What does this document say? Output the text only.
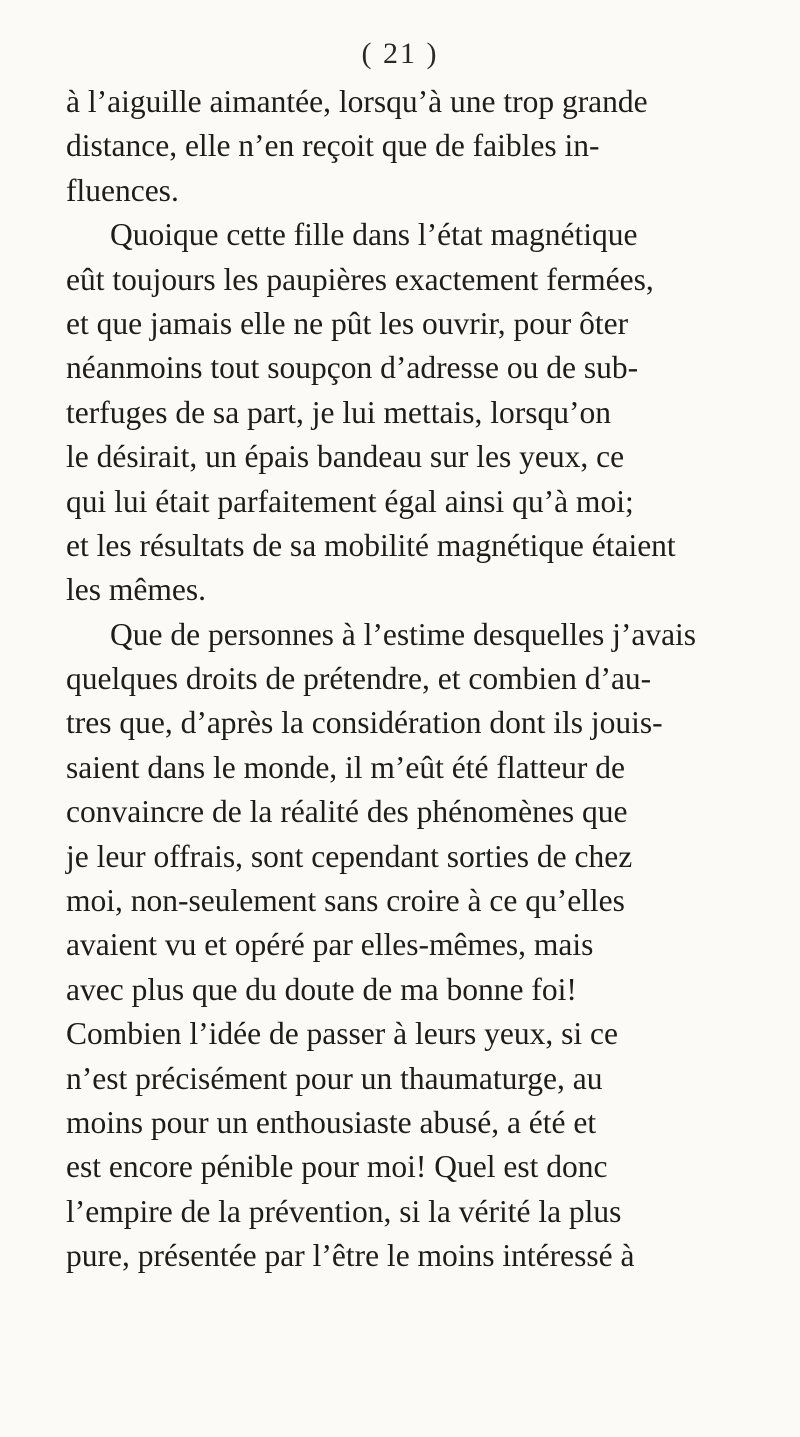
( 21 )
à l’aiguille aimantée, lorsqu’à une trop grande
distance, elle n’en reçoit que de faibles in-
fluences.
Quoique cette fille dans l’état magnétique
eût toujours les paupières exactement fermées,
et que jamais elle ne pût les ouvrir, pour ôter
néanmoins tout soupçon d’adresse ou de sub-
terfuges de sa part, je lui mettais, lorsqu’on
le désirait, un épais bandeau sur les yeux, ce
qui lui était parfaitement égal ainsi qu’à moi;
et les résultats de sa mobilité magnétique étaient
les mêmes.
Que de personnes à l’estime desquelles j’avais
quelques droits de prétendre, et combien d’au-
tres que, d’après la considération dont ils jouis-
saient dans le monde, il m’eût été flatteur de
convaincre de la réalité des phénomènes que
je leur offrais, sont cependant sorties de chez
moi, non-seulement sans croire à ce qu’elles
avaient vu et opéré par elles-mêmes, mais
avec plus que du doute de ma bonne foi!
Combien l’idée de passer à leurs yeux, si ce
n’est précisément pour un thaumaturge, au
moins pour un enthousiaste abusé, a été et
est encore pénible pour moi! Quel est donc
l’empire de la prévention, si la vérité la plus
pure, présentée par l’être le moins intéressé à
